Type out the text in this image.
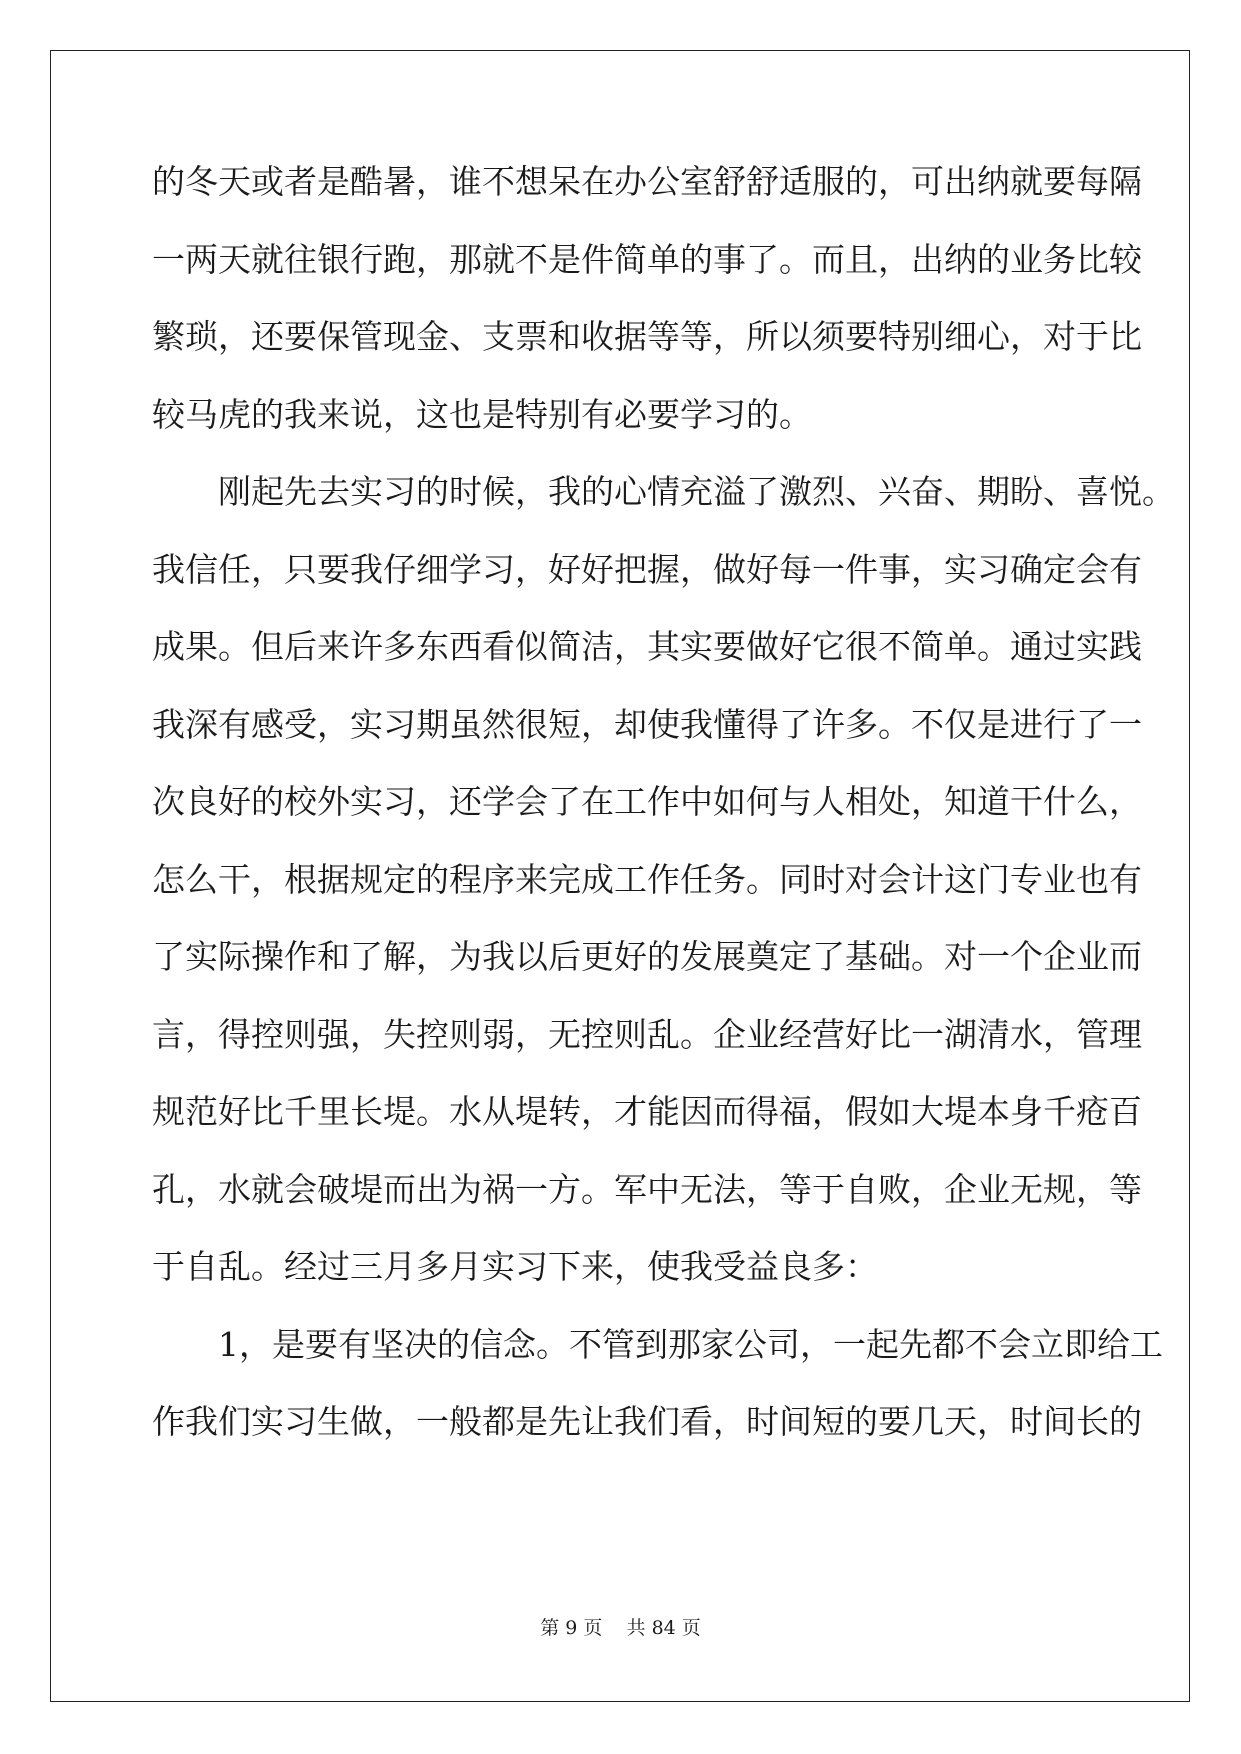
的冬天或者是酷暑，谁不想呆在办公室舒舒适服的，可出纳就要每隔
一两天就往银行跑，那就不是件简单的事了。而且，出纳的业务比较
繁琐，还要保管现金、支票和收据等等，所以须要特别细心，对于比
较马虎的我来说，这也是特别有必要学习的。
刚起先去实习的时候，我的心情充溢了激烈、兴奋、期盼、喜悦。
我信任，只要我仔细学习，好好把握，做好每一件事，实习确定会有
成果。但后来许多东西看似简洁，其实要做好它很不简单。通过实践
我深有感受，实习期虽然很短，却使我懂得了许多。不仅是进行了一
次良好的校外实习，还学会了在工作中如何与人相处，知道干什么，
怎么干，根据规定的程序来完成工作任务。同时对会计这门专业也有
了实际操作和了解，为我以后更好的发展奠定了基础。对一个企业而
言，得控则强，失控则弱，无控则乱。企业经营好比一湖清水，管理
规范好比千里长堤。水从堤转，才能因而得福，假如大堤本身千疮百
孔，水就会破堤而出为祸一方。军中无法，等于自败，企业无规，等
于自乱。经过三月多月实习下来，使我受益良多：
1，是要有坚决的信念。不管到那家公司，一起先都不会立即给工
作我们实习生做，一般都是先让我们看，时间短的要几天，时间长的
第 9 页 共 84 页
